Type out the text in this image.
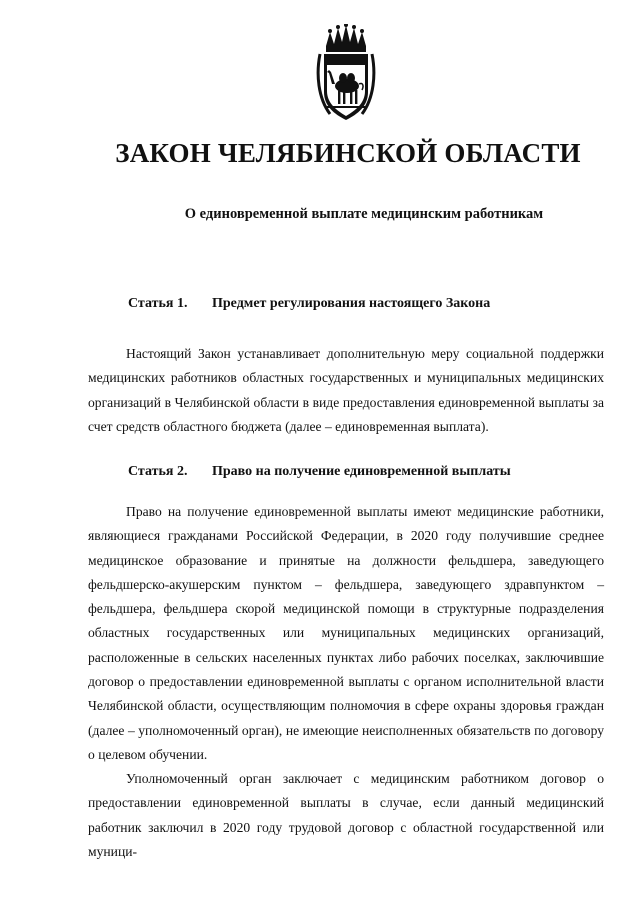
ЗАКОН ЧЕЛЯБИНСКОЙ ОБЛАСТИ
О единовременной выплате медицинским работникам
Статья 1. Предмет регулирования настоящего Закона

Настоящий Закон устанавливает дополнительную меру социальной поддержки медицинских работников областных государственных и муниципальных медицинских организаций в Челябинской области в виде предоставления единовременной выплаты за счет средств областного бюджета (далее – единовременная выплата).

Статья 2. Право на получение единовременной выплаты

Право на получение единовременной выплаты имеют медицинские работники, являющиеся гражданами Российской Федерации, в 2020 году получившие среднее медицинское образование и принятые на должности фельдшера, заведующего фельдшерско-акушерским пунктом – фельдшера, заведующего здравпунктом – фельдшера, фельдшера скорой медицинской помощи в структурные подразделения областных государственных или муниципальных медицинских организаций, расположенные в сельских населенных пунктах либо рабочих поселках, заключившие договор о предоставлении единовременной выплаты с органом исполнительной власти Челябинской области, осуществляющим полномочия в сфере охраны здоровья граждан (далее – уполномоченный орган), не имеющие неисполненных обязательств по договору о целевом обучении.

Уполномоченный орган заключает с медицинским работником договор о предоставлении единовременной выплаты в случае, если данный медицинский работник заключил в 2020 году трудовой договор с областной государственной или муници-
